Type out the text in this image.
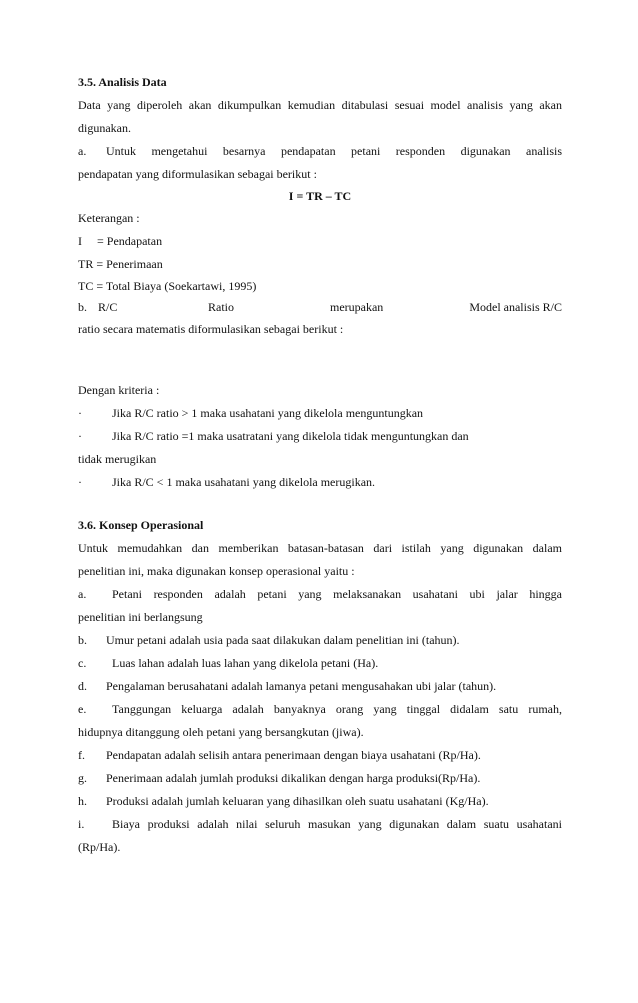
3.5. Analisis Data
Data yang diperoleh akan dikumpulkan kemudian ditabulasi sesuai model analisis yang akan
digunakan.
a. Untuk mengetahui besarnya pendapatan petani responden digunakan analisis
pendapatan yang diformulasikan sebagai berikut :
I = TR – TC
Keterangan :
I     = Pendapatan
TR = Penerimaan
TC = Total Biaya (Soekartawi, 1995)
b. R/C	Ratio	merupakan	Model analisis R/C
ratio secara matematis diformulasikan sebagai berikut :
Dengan kriteria :
·	Jika R/C ratio > 1 maka usahatani yang dikelola menguntungkan
·	Jika R/C ratio =1 maka usatratani yang dikelola tidak menguntungkan dan
tidak merugikan
·	Jika R/C < 1 maka usahatani yang dikelola merugikan.
3.6. Konsep Operasional
Untuk memudahkan dan memberikan batasan-batasan dari istilah yang digunakan dalam
penelitian ini, maka digunakan konsep operasional yaitu :
a. Petani responden adalah petani yang melaksanakan usahatani ubi jalar hingga
penelitian ini berlangsung
b. Umur petani adalah usia pada saat dilakukan dalam penelitian ini (tahun).
c. Luas lahan adalah luas lahan yang dikelola petani (Ha).
d. Pengalaman berusahatani adalah lamanya petani mengusahakan ubi jalar (tahun).
e. Tanggungan keluarga adalah banyaknya orang yang tinggal didalam satu rumah,
hidupnya ditanggung oleh petani yang bersangkutan (jiwa).
f. Pendapatan adalah selisih antara penerimaan dengan biaya usahatani (Rp/Ha).
g. Penerimaan adalah jumlah produksi dikalikan dengan harga produksi(Rp/Ha).
h. Produksi adalah jumlah keluaran yang dihasilkan oleh suatu usahatani (Kg/Ha).
i. Biaya produksi adalah nilai seluruh masukan yang digunakan dalam suatu usahatani
(Rp/Ha).
